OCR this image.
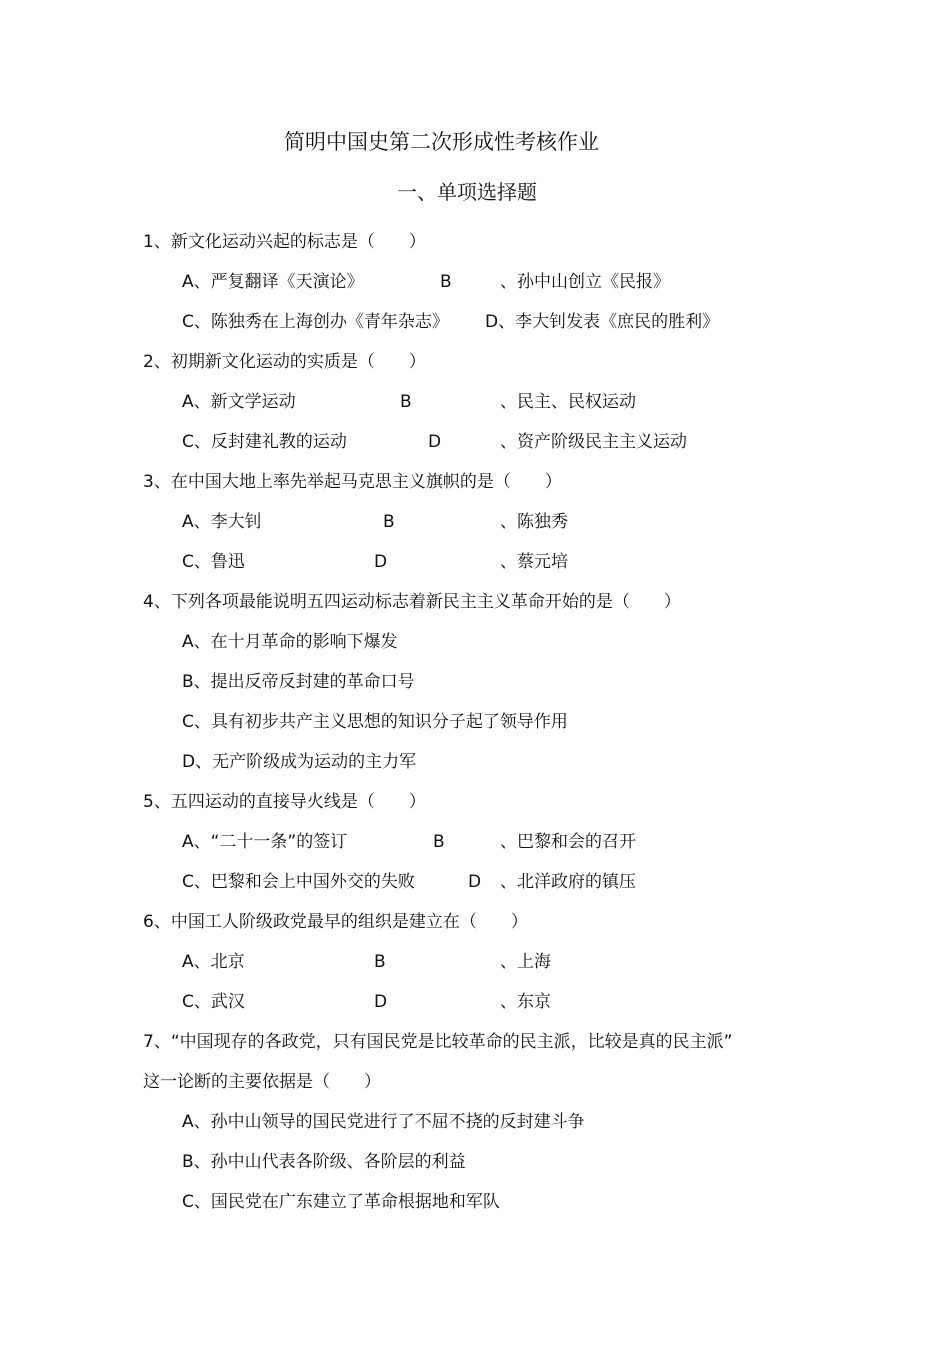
简明中国史第二次形成性考核作业
一、单项选择题
1、新文化运动兴起的标志是（　　）
A、严复翻译《天演论》	B	、孙中山创立《民报》
C、陈独秀在上海创办《青年杂志》 D、李大钊发表《庶民的胜利》
2、初期新文化运动的实质是（　　）
A、新文学运动	B	、民主、民权运动
C、反封建礼教的运动	D	、资产阶级民主主义运动
3、在中国大地上率先举起马克思主义旗帜的是（　　）
A、李大钊	B	、陈独秀
C、鲁迅	D	、蔡元培
4、下列各项最能说明五四运动标志着新民主主义革命开始的是（　　）
A、在十月革命的影响下爆发
B、提出反帝反封建的革命口号
C、具有初步共产主义思想的知识分子起了领导作用
D、无产阶级成为运动的主力军
5、五四运动的直接导火线是（　　）
A、“二十一条”的签订	B	、巴黎和会的召开
C、巴黎和会上中国外交的失败	D 、北洋政府的镇压
6、中国工人阶级政党最早的组织是建立在（　　）
A、北京	B	、上海
C、武汉	D	、东京
7、“中国现存的各政党，只有国民党是比较革命的民主派，比较是真的民主派”
这一论断的主要依据是（　　）
A、孙中山领导的国民党进行了不屈不挠的反封建斗争
B、孙中山代表各阶级、各阶层的利益
C、国民党在广东建立了革命根据地和军队
